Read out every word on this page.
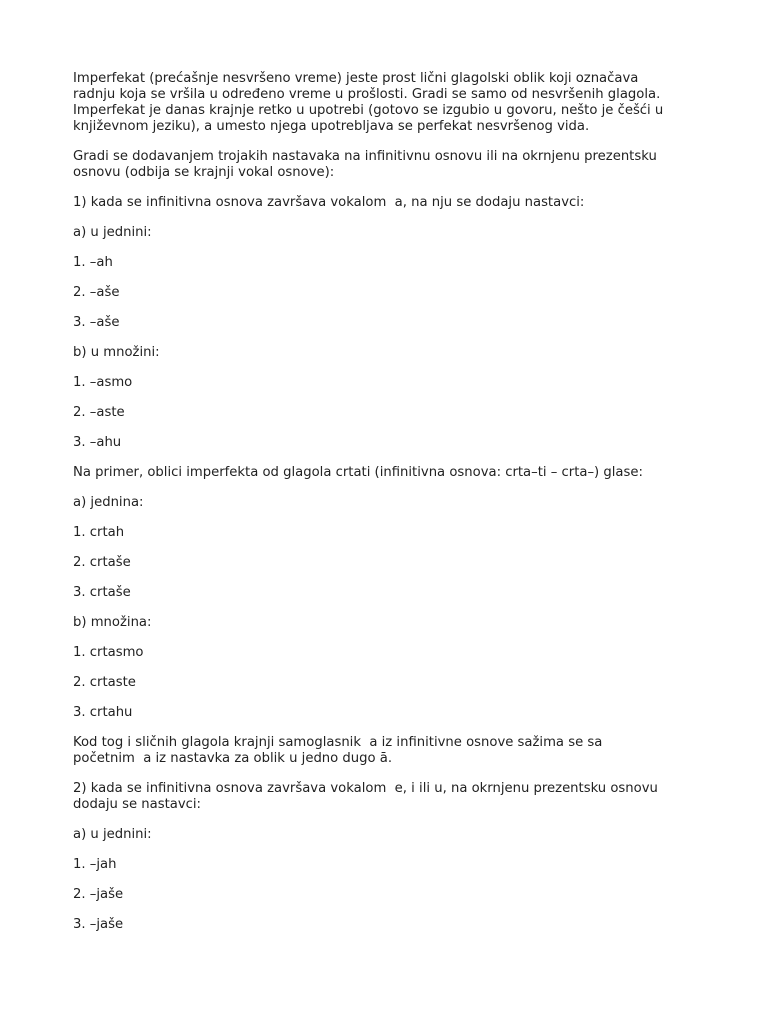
Imperfekat (prećašnje nesvršeno vreme) jeste prost lični glagolski oblik koji označava
radnju koja se vršila u određeno vreme u prošlosti. Gradi se samo od nesvršenih glagola.
Imperfekat je danas krajnje retko u upotrebi (gotovo se izgubio u govoru, nešto je češći u
književnom jeziku), a umesto njega upotrebljava se perfekat nesvršenog vida.

Gradi se dodavanjem trojakih nastavaka na infinitivnu osnovu ili na okrnjenu prezentsku
osnovu (odbija se krajnji vokal osnove):

1) kada se infinitivna osnova završava vokalom  a, na nju se dodaju nastavci:

a) u jednini:

1. –ah

2. –aše

3. –aše

b) u množini:

1. –asmo

2. –aste

3. –ahu

Na primer, oblici imperfekta od glagola crtati (infinitivna osnova: crta–ti – crta–) glase:

a) jednina:

1. crtah

2. crtaše

3. crtaše

b) množina:

1. crtasmo

2. crtaste

3. crtahu

Kod tog i sličnih glagola krajnji samoglasnik  a iz infinitivne osnove sažima se sa
početnim  a iz nastavka za oblik u jedno dugo ā.

2) kada se infinitivna osnova završava vokalom  e, i ili u, na okrnjenu prezentsku osnovu
dodaju se nastavci:

a) u jednini:

1. –jah

2. –jaše

3. –jaše
